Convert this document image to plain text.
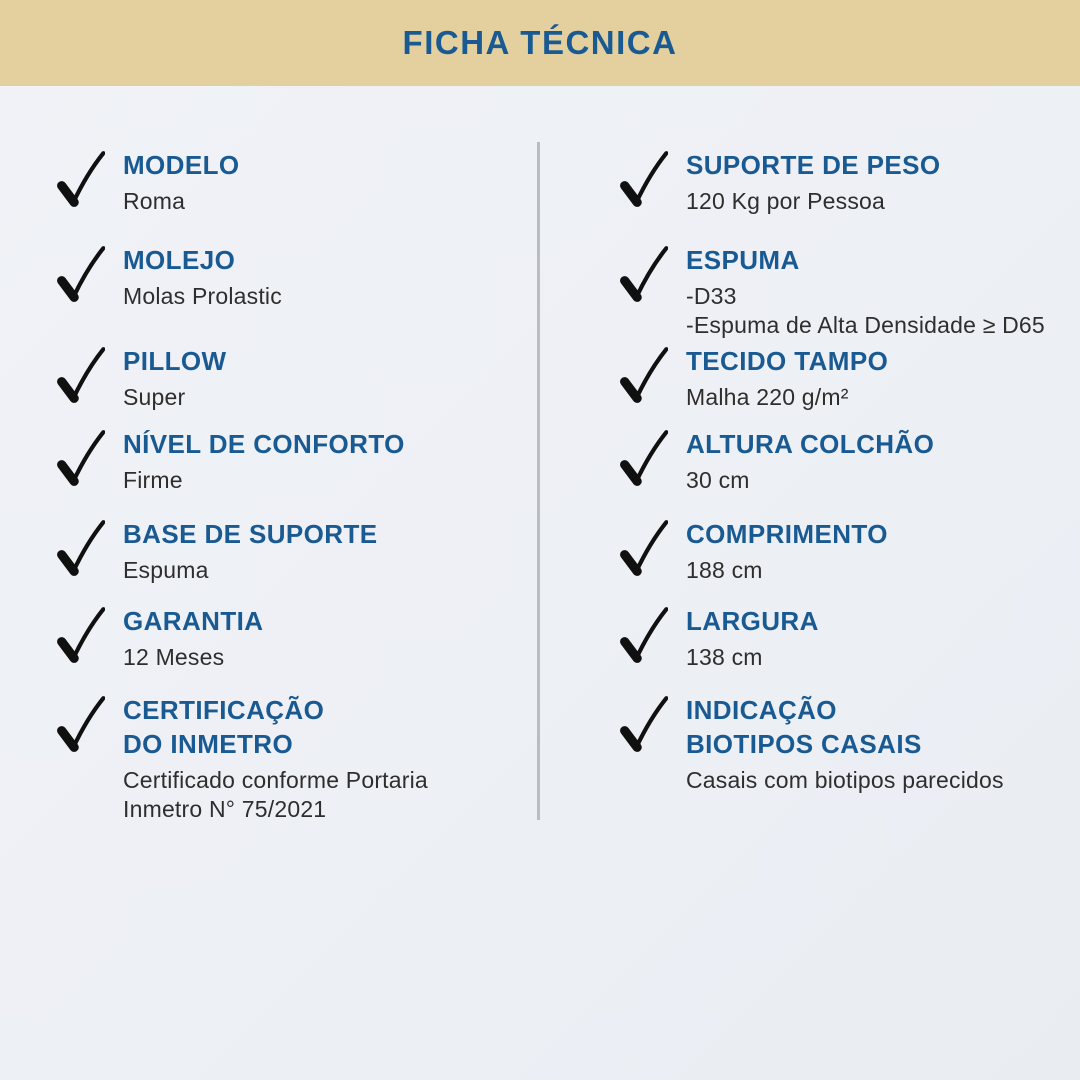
FICHA TÉCNICA
MODELO
Roma
MOLEJO
Molas Prolastic
PILLOW
Super
NÍVEL DE CONFORTO
Firme
BASE DE SUPORTE
Espuma
GARANTIA
12 Meses
CERTIFICAÇÃO
DO INMETRO
Certificado conforme Portaria
Inmetro N° 75/2021
SUPORTE DE PESO
120 Kg por Pessoa
ESPUMA
-D33
-Espuma de Alta Densidade ≥ D65
TECIDO TAMPO
Malha 220 g/m²
ALTURA COLCHÃO
30 cm
COMPRIMENTO
188 cm
LARGURA
138 cm
INDICAÇÃO
BIOTIPOS CASAIS
Casais com biotipos parecidos
